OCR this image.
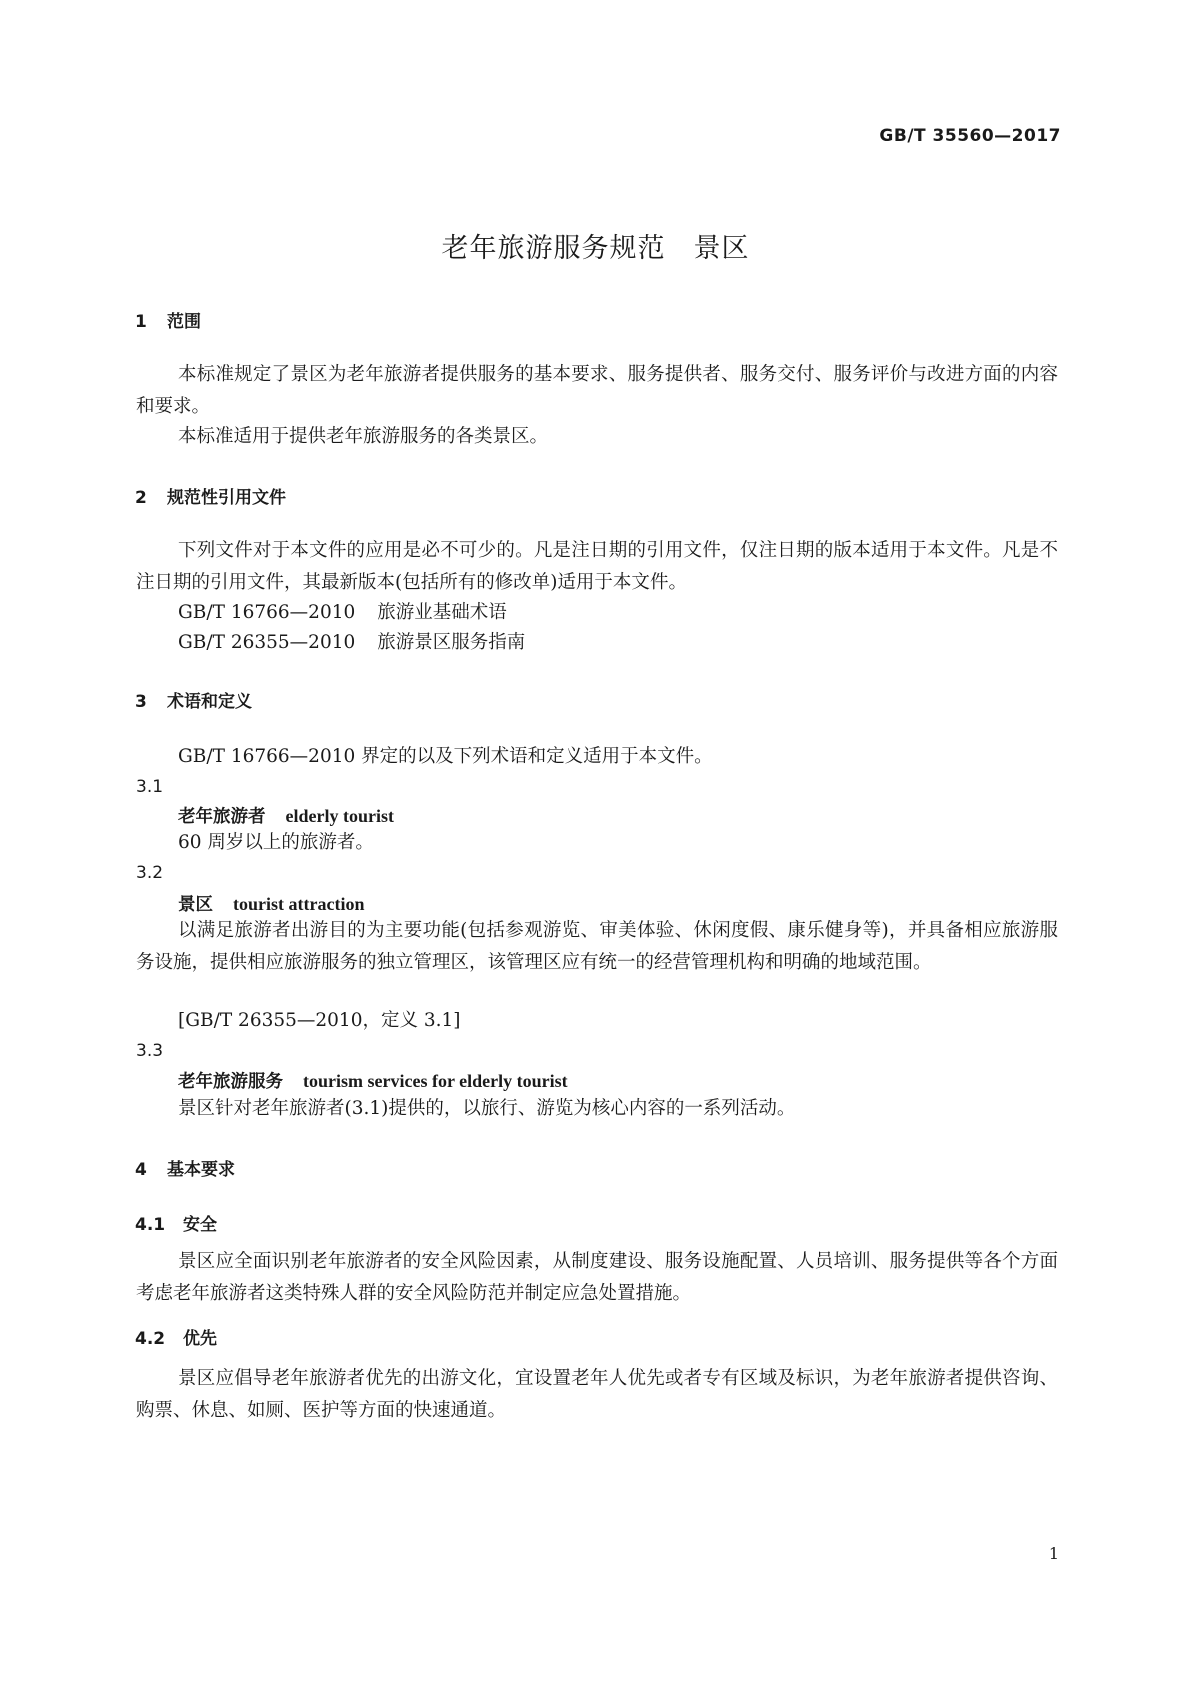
GB/T 35560—2017
老年旅游服务规范　景区
1 范围
本标准规定了景区为老年旅游者提供服务的基本要求、服务提供者、服务交付、服务评价与改进方面的内容和要求。
本标准适用于提供老年旅游服务的各类景区。
2 规范性引用文件
下列文件对于本文件的应用是必不可少的。凡是注日期的引用文件，仅注日期的版本适用于本文件。凡是不注日期的引用文件，其最新版本(包括所有的修改单)适用于本文件。
GB/T 16766—2010 旅游业基础术语
GB/T 26355—2010 旅游景区服务指南
3 术语和定义
GB/T 16766—2010 界定的以及下列术语和定义适用于本文件。
3.1
老年旅游者 elderly tourist
60 周岁以上的旅游者。
3.2
景区 tourist attraction
以满足旅游者出游目的为主要功能(包括参观游览、审美体验、休闲度假、康乐健身等)，并具备相应旅游服务设施，提供相应旅游服务的独立管理区，该管理区应有统一的经营管理机构和明确的地域范围。
[GB/T 26355—2010，定义 3.1]
3.3
老年旅游服务 tourism services for elderly tourist
景区针对老年旅游者(3.1)提供的，以旅行、游览为核心内容的一系列活动。
4 基本要求
4.1 安全
景区应全面识别老年旅游者的安全风险因素，从制度建设、服务设施配置、人员培训、服务提供等各个方面考虑老年旅游者这类特殊人群的安全风险防范并制定应急处置措施。
4.2 优先
景区应倡导老年旅游者优先的出游文化，宜设置老年人优先或者专有区域及标识，为老年旅游者提供咨询、购票、休息、如厕、医护等方面的快速通道。
1
